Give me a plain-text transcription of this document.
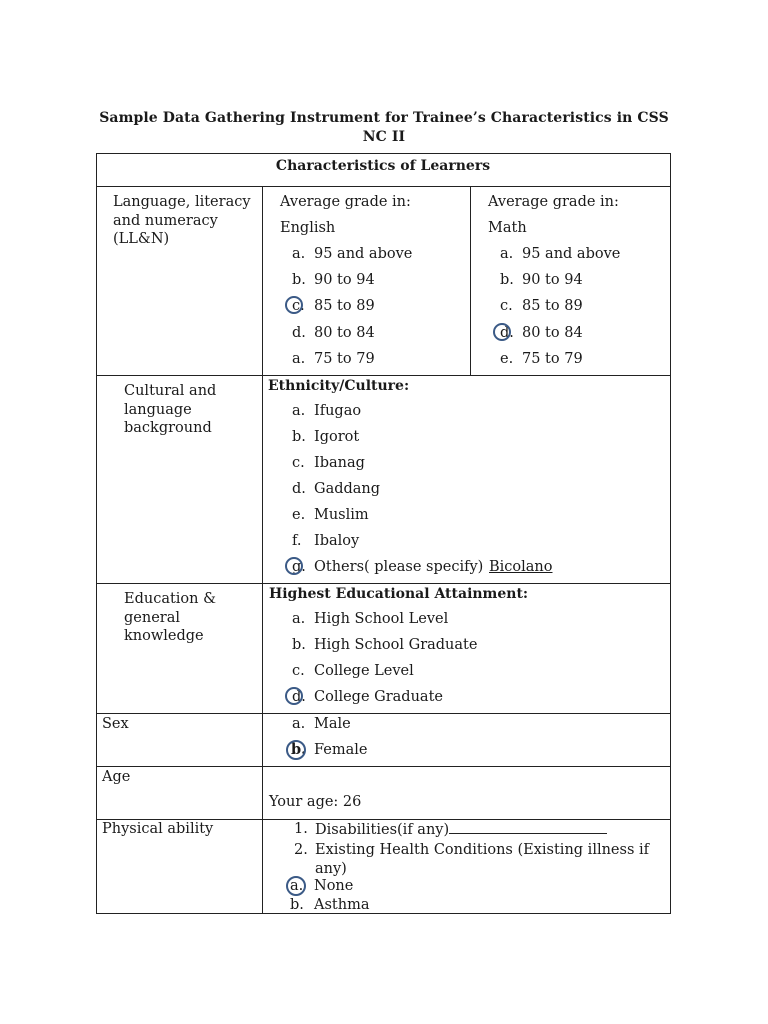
Sample Data Gathering Instrument for Trainee’s Characteristics in CSS NC II
Characteristics of Learners
Language, literacy and numeracy (LL&N)
Average grade in:
English
a. 95 and above
b. 90 to 94
c. 85 to 89
d. 80 to 84
a. 75 to 79
Average grade in:
Math
a. 95 and above
b. 90 to 94
c. 85 to 89
d. 80 to 84
e. 75 to 79
Cultural and language background
Ethnicity/Culture:
a. Ifugao
b. Igorot
c. Ibanag
d. Gaddang
e. Muslim
f. Ibaloy
g. Others( please specify) Bicolano
Education & general knowledge
Highest Educational Attainment:
a. High School Level
b. High School Graduate
c. College Level
d. College Graduate
Sex	a. Male
b. Female
Age
Your age: 26
Physical ability	1. Disabilities(if any)
2. Existing Health Conditions (Existing illness if any)
a. None
b. Asthma
